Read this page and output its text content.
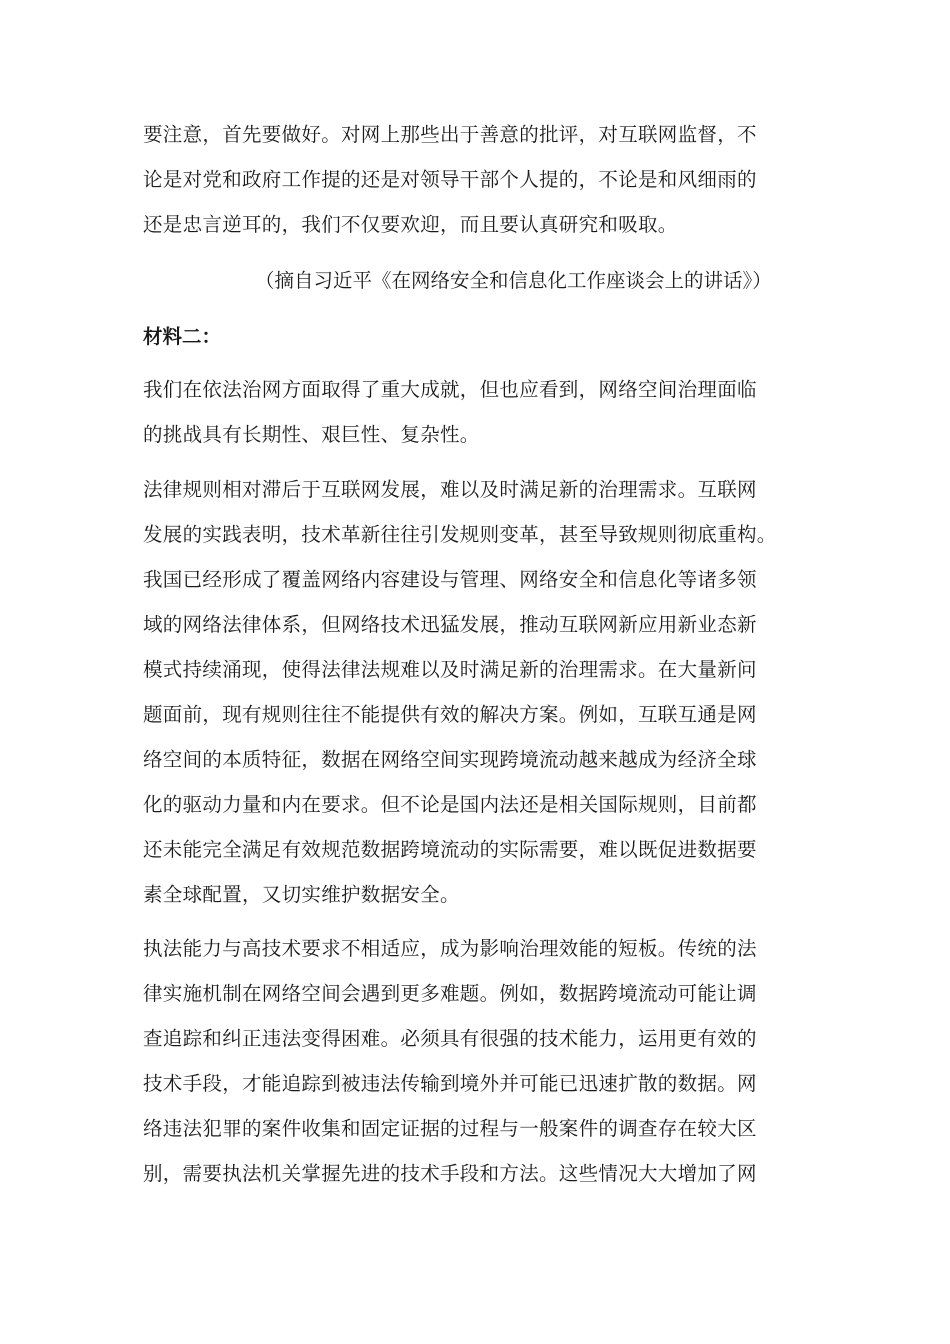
要注意，首先要做好。对网上那些出于善意的批评，对互联网监督，不
论是对党和政府工作提的还是对领导干部个人提的，不论是和风细雨的
还是忠言逆耳的，我们不仅要欢迎，而且要认真研究和吸取。
（摘自习近平《在网络安全和信息化工作座谈会上的讲话》）
材料二：
我们在依法治网方面取得了重大成就，但也应看到，网络空间治理面临
的挑战具有长期性、艰巨性、复杂性。
法律规则相对滞后于互联网发展，难以及时满足新的治理需求。互联网
发展的实践表明，技术革新往往引发规则变革，甚至导致规则彻底重构。
我国已经形成了覆盖网络内容建设与管理、网络安全和信息化等诸多领
域的网络法律体系，但网络技术迅猛发展，推动互联网新应用新业态新
模式持续涌现，使得法律法规难以及时满足新的治理需求。在大量新问
题面前，现有规则往往不能提供有效的解决方案。例如，互联互通是网
络空间的本质特征，数据在网络空间实现跨境流动越来越成为经济全球
化的驱动力量和内在要求。但不论是国内法还是相关国际规则，目前都
还未能完全满足有效规范数据跨境流动的实际需要，难以既促进数据要
素全球配置，又切实维护数据安全。
执法能力与高技术要求不相适应，成为影响治理效能的短板。传统的法
律实施机制在网络空间会遇到更多难题。例如，数据跨境流动可能让调
查追踪和纠正违法变得困难。必须具有很强的技术能力，运用更有效的
技术手段，才能追踪到被违法传输到境外并可能已迅速扩散的数据。网
络违法犯罪的案件收集和固定证据的过程与一般案件的调查存在较大区
别，需要执法机关掌握先进的技术手段和方法。这些情况大大增加了网
